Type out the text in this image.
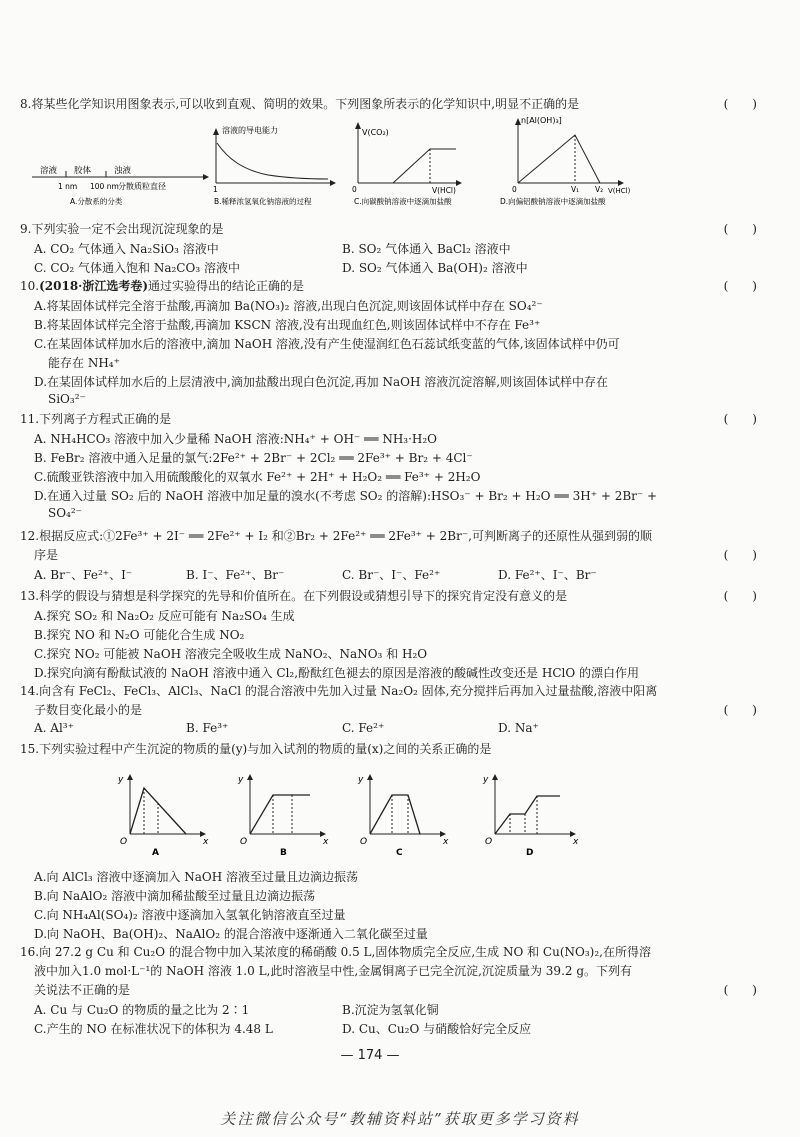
8.将某些化学知识用图象表示,可以收到直观、简明的效果。下列图象所表示的化学知识中,明显不正确的是	(　　)
溶液 胶体	浊液
1 nm 100 nm 分散质粒直径
A.分散系的分类
溶液的导电能力
1
B.稀释浓氢氧化钠溶液的过程
V(CO₂)
0	V(HCl)
C.向碳酸钠溶液中逐滴加盐酸
n[Al(OH)₃]
0	V₁ V₂ V(HCl)
D.向偏铝酸钠溶液中逐滴加盐酸
9.下列实验一定不会出现沉淀现象的是	(　　)
A. CO₂ 气体通入 Na₂SiO₃ 溶液中	B. SO₂ 气体通入 BaCl₂ 溶液中
C. CO₂ 气体通入饱和 Na₂CO₃ 溶液中	D. SO₂ 气体通入 Ba(OH)₂ 溶液中
10.(2018·浙江选考卷)通过实验得出的结论正确的是	(　　)
A.将某固体试样完全溶于盐酸,再滴加 Ba(NO₃)₂ 溶液,出现白色沉淀,则该固体试样中存在 SO₄²⁻
B.将某固体试样完全溶于盐酸,再滴加 KSCN 溶液,没有出现血红色,则该固体试样中不存在 Fe³⁺
C.在某固体试样加水后的溶液中,滴加 NaOH 溶液,没有产生使湿润红色石蕊试纸变蓝的气体,该固体试样中仍可
能存在 NH₄⁺
D.在某固体试样加水后的上层清液中,滴加盐酸出现白色沉淀,再加 NaOH 溶液沉淀溶解,则该固体试样中存在
SiO₃²⁻
11.下列离子方程式正确的是	(　　)
A. NH₄HCO₃ 溶液中加入少量稀 NaOH 溶液:NH₄⁺ + OH⁻ ══ NH₃·H₂O
B. FeBr₂ 溶液中通入足量的氯气:2Fe²⁺ + 2Br⁻ + 2Cl₂ ══ 2Fe³⁺ + Br₂ + 4Cl⁻
C.硫酸亚铁溶液中加入用硫酸酸化的双氧水 Fe²⁺ + 2H⁺ + H₂O₂ ══ Fe³⁺ + 2H₂O
D.在通入过量 SO₂ 后的 NaOH 溶液中加足量的溴水(不考虑 SO₂ 的溶解):HSO₃⁻ + Br₂ + H₂O ══ 3H⁺ + 2Br⁻ +
SO₄²⁻
12.根据反应式:①2Fe³⁺ + 2I⁻ ══ 2Fe²⁺ + I₂ 和②Br₂ + 2Fe²⁺ ══ 2Fe³⁺ + 2Br⁻,可判断离子的还原性从强到弱的顺
序是	(　　)
A. Br⁻、Fe²⁺、I⁻	B. I⁻、Fe²⁺、Br⁻	C. Br⁻、I⁻、Fe²⁺	D. Fe²⁺、I⁻、Br⁻
13.科学的假设与猜想是科学探究的先导和价值所在。在下列假设或猜想引导下的探究肯定没有意义的是	(　　)
A.探究 SO₂ 和 Na₂O₂ 反应可能有 Na₂SO₄ 生成
B.探究 NO 和 N₂O 可能化合生成 NO₂
C.探究 NO₂ 可能被 NaOH 溶液完全吸收生成 NaNO₂、NaNO₃ 和 H₂O
D.探究向滴有酚酞试液的 NaOH 溶液中通入 Cl₂,酚酞红色褪去的原因是溶液的酸碱性改变还是 HClO 的漂白作用
14.向含有 FeCl₂、FeCl₃、AlCl₃、NaCl 的混合溶液中先加入过量 Na₂O₂ 固体,充分搅拌后再加入过量盐酸,溶液中阳离
子数目变化最小的是	(　　)
A. Al³⁺	B. Fe³⁺	C. Fe²⁺	D. Na⁺
15.下列实验过程中产生沉淀的物质的量(y)与加入试剂的物质的量(x)之间的关系正确的是
y
O	x
A
y
O	x
B
y
O	x
C
y
O	x
D
A.向 AlCl₃ 溶液中逐滴加入 NaOH 溶液至过量且边滴边振荡
B.向 NaAlO₂ 溶液中滴加稀盐酸至过量且边滴边振荡
C.向 NH₄Al(SO₄)₂ 溶液中逐滴加入氢氧化钠溶液直至过量
D.向 NaOH、Ba(OH)₂、NaAlO₂ 的混合溶液中逐渐通入二氧化碳至过量
16.向 27.2 g Cu 和 Cu₂O 的混合物中加入某浓度的稀硝酸 0.5 L,固体物质完全反应,生成 NO 和 Cu(NO₃)₂,在所得溶
液中加入1.0 mol·L⁻¹的 NaOH 溶液 1.0 L,此时溶液呈中性,金属铜离子已完全沉淀,沉淀质量为 39.2 g。下列有
关说法不正确的是	(　　)
A. Cu 与 Cu₂O 的物质的量之比为 2∶1	B.沉淀为氢氧化铜
C.产生的 NO 在标准状况下的体积为 4.48 L	D. Cu、Cu₂O 与硝酸恰好完全反应
— 174 —
关注微信公众号“教辅资料站”获取更多学习资料
